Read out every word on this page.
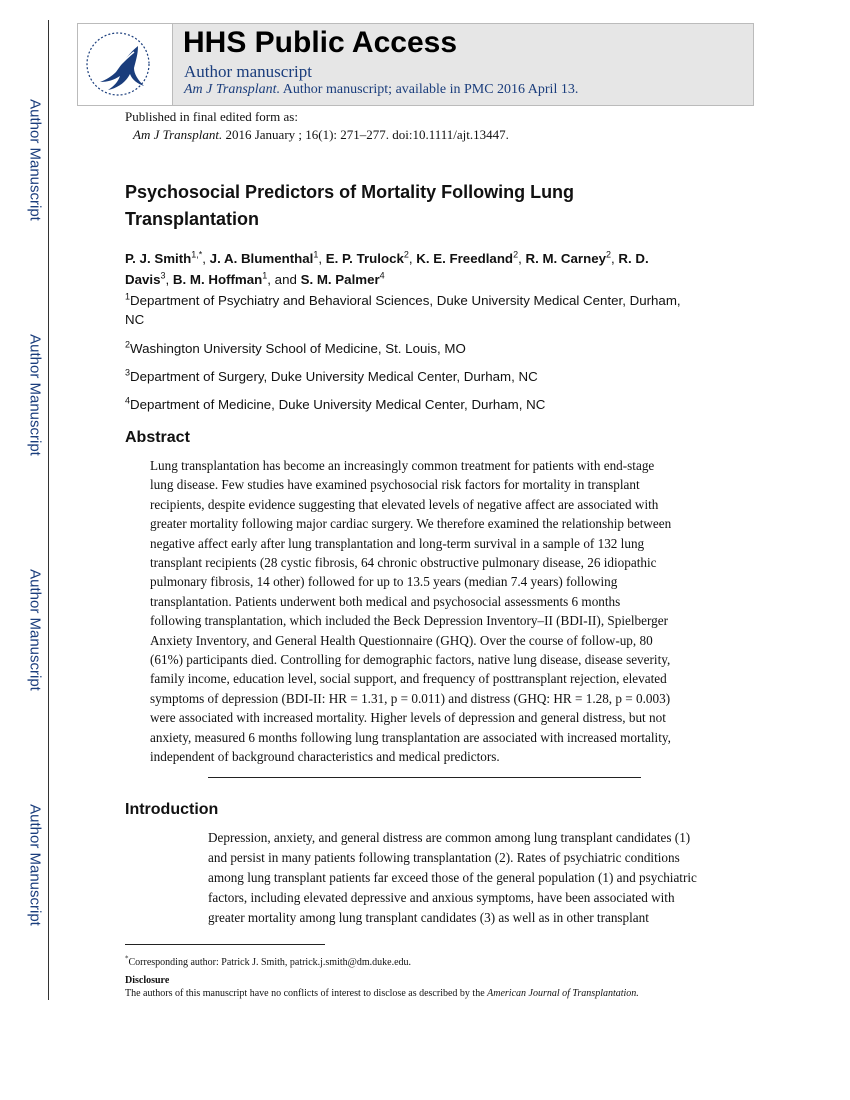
Author Manuscript
Author Manuscript
Author Manuscript
Author Manuscript
HHS Public Access
Author manuscript
Am J Transplant. Author manuscript; available in PMC 2016 April 13.
Published in final edited form as:
Am J Transplant. 2016 January ; 16(1): 271–277. doi:10.1111/ajt.13447.
Psychosocial Predictors of Mortality Following Lung
Transplantation
P. J. Smith$^{1,*}$, J. A. Blumenthal$^1$, E. P. Trulock$^2$, K. E. Freedland$^2$, R. M. Carney$^2$, R. D. Davis$^3$, B. M. Hoffman$^1$, and S. M. Palmer$^4$
$^1$Department of Psychiatry and Behavioral Sciences, Duke University Medical Center, Durham,
NC
$^2$Washington University School of Medicine, St. Louis, MO
$^3$Department of Surgery, Duke University Medical Center, Durham, NC
$^4$Department of Medicine, Duke University Medical Center, Durham, NC
Abstract
Lung transplantation has become an increasingly common treatment for patients with end-stage
lung disease. Few studies have examined psychosocial risk factors for mortality in transplant
recipients, despite evidence suggesting that elevated levels of negative affect are associated with
greater mortality following major cardiac surgery. We therefore examined the relationship between
negative affect early after lung transplantation and long-term survival in a sample of 132 lung
transplant recipients (28 cystic fibrosis, 64 chronic obstructive pulmonary disease, 26 idiopathic
pulmonary fibrosis, 14 other) followed for up to 13.5 years (median 7.4 years) following
transplantation. Patients underwent both medical and psychosocial assessments 6 months
following transplantation, which included the Beck Depression Inventory–II (BDI-II), Spielberger
Anxiety Inventory, and General Health Questionnaire (GHQ). Over the course of follow-up, 80
(61%) participants died. Controlling for demographic factors, native lung disease, disease severity,
family income, education level, social support, and frequency of posttransplant rejection, elevated
symptoms of depression (BDI-II: HR = 1.31, p = 0.011) and distress (GHQ: HR = 1.28, p = 0.003)
were associated with increased mortality. Higher levels of depression and general distress, but not
anxiety, measured 6 months following lung transplantation are associated with increased mortality,
independent of background characteristics and medical predictors.
Introduction
Depression, anxiety, and general distress are common among lung transplant candidates (1)
and persist in many patients following transplantation (2). Rates of psychiatric conditions
among lung transplant patients far exceed those of the general population (1) and psychiatric
factors, including elevated depressive and anxious symptoms, have been associated with
greater mortality among lung transplant candidates (3) as well as in other transplant
*Corresponding author: Patrick J. Smith, patrick.j.smith@dm.duke.edu.
Disclosure
The authors of this manuscript have no conflicts of interest to disclose as described by the American Journal of Transplantation.
